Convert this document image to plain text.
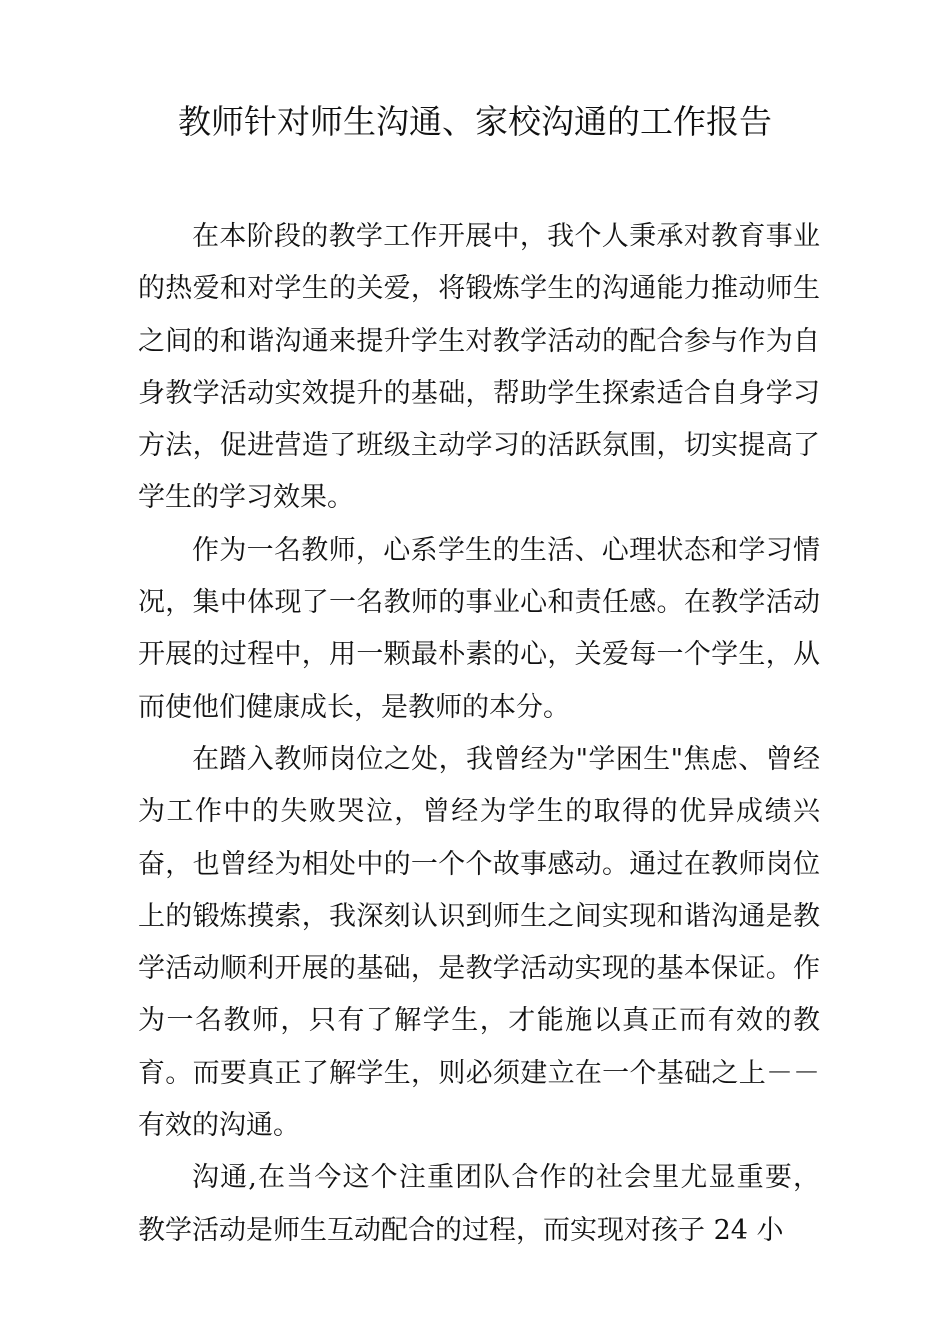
教师针对师生沟通、家校沟通的工作报告

在本阶段的教学工作开展中，我个人秉承对教育事业的热爱和对学生的关爱，将锻炼学生的沟通能力推动师生之间的和谐沟通来提升学生对教学活动的配合参与作为自身教学活动实效提升的基础，帮助学生探索适合自身学习方法，促进营造了班级主动学习的活跃氛围，切实提高了学生的学习效果。

作为一名教师，心系学生的生活、心理状态和学习情况，集中体现了一名教师的事业心和责任感。在教学活动开展的过程中，用一颗最朴素的心，关爱每一个学生，从而使他们健康成长，是教师的本分。

在踏入教师岗位之处，我曾经为"学困生"焦虑、曾经为工作中的失败哭泣，曾经为学生的取得的优异成绩兴奋，也曾经为相处中的一个个故事感动。通过在教师岗位上的锻炼摸索，我深刻认识到师生之间实现和谐沟通是教学活动顺利开展的基础，是教学活动实现的基本保证。作为一名教师，只有了解学生，才能施以真正而有效的教育。而要真正了解学生，则必须建立在一个基础之上－－有效的沟通。

沟通,在当今这个注重团队合作的社会里尤显重要，教学活动是师生互动配合的过程，而实现对孩子 24 小
